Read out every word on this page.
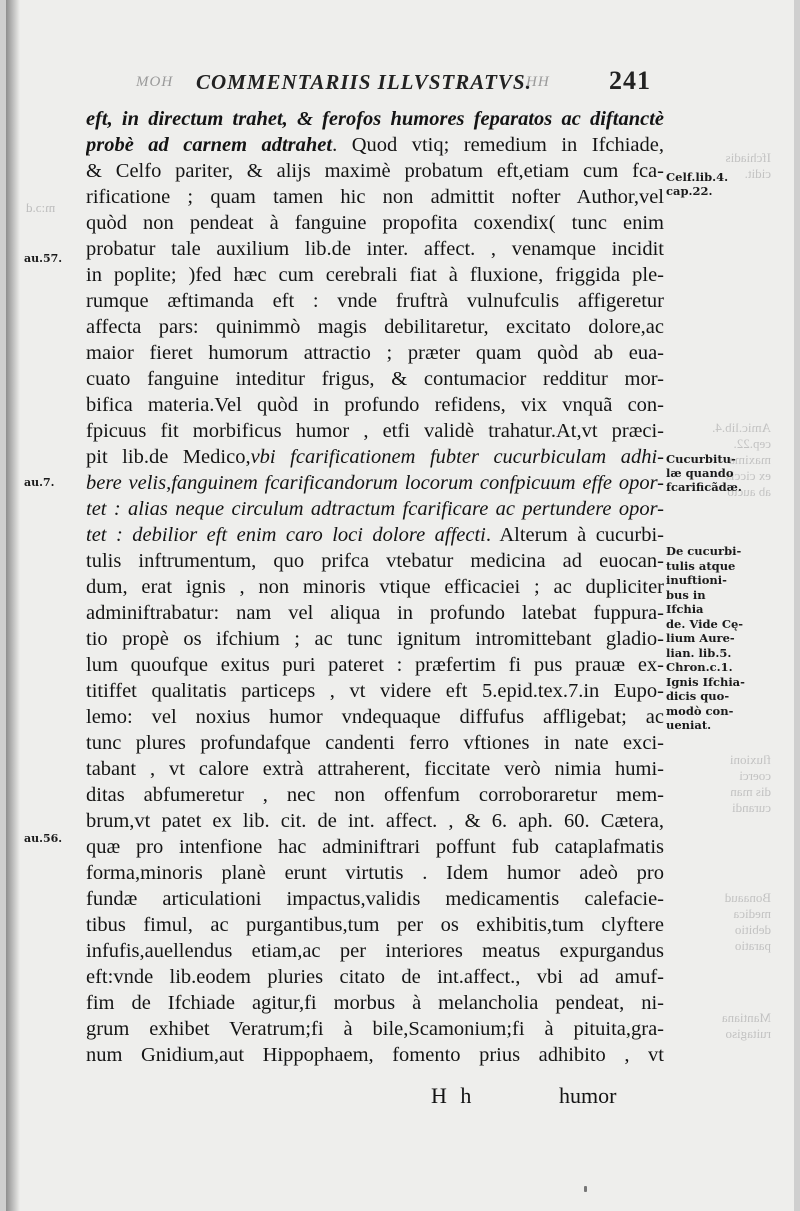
Ifchiadis
cidit.

Amic.lib.4.
cep.22.
maxima
ex ciccis
ab aucto
fluxioni
coerci
dis man
curandi
Bonaaud
medica
debitio
paratio
Mantiana
ruitagiso
m:ɔ.d
MOH COMMENTARIIS ILLVSTRATVS.
HH 241
eft, in directum trahet, & ferofos humores feparatos ac diftanctè
probè ad carnem adtrahet. Quod vtiq; remedium in Ifchiade,
& Celfo pariter, & alijs maximè probatum eft,etiam cum fca-
rificatione ; quam tamen hic non admittit nofter Author,vel
quòd non pendeat à fanguine propofita coxendix( tunc enim
probatur tale auxilium lib.de inter. affect. , venamque incidit
in poplite; )fed hæc cum cerebrali fiat à fluxione, friggida ple-
rumque æftimanda eft : vnde fruftrà vulnufculis affigeretur
affecta pars: quinimmò magis debilitaretur, excitato dolore,ac
maior fieret humorum attractio ; præter quam quòd ab eua-
cuato fanguine inteditur frigus, & contumacior redditur mor-
bifica materia.Vel quòd in profundo refidens, vix vnquã con-
fpicuus fit morbificus humor , etfi validè trahatur.At,vt præci-
pit lib.de Medico,vbi fcarificationem fubter cucurbiculam adhi-
bere velis,fanguinem fcarificandorum locorum confpicuum effe opor-
tet : alias neque circulum adtractum fcarificare ac pertundere opor-
tet : debilior eft enim caro loci dolore affecti. Alterum à cucurbi-
tulis inftrumentum, quo prifca vtebatur medicina ad euocan-
dum, erat ignis , non minoris vtique efficaciei ; ac dupliciter
adminiftrabatur: nam vel aliqua in profundo latebat fuppura-
tio propè os ifchium ; ac tunc ignitum intromittebant gladio-
lum quoufque exitus puri pateret : præfertim fi pus prauæ ex-
titiffet qualitatis particeps , vt videre eft 5.epid.tex.7.in Eupo-
lemo: vel noxius humor vndequaque diffufus affligebat; ac
tunc plures profundafque candenti ferro vftiones in nate exci-
tabant , vt calore extrà attraherent, ficcitate verò nimia humi-
ditas abfumeretur , nec non offenfum corroboraretur mem-
brum,vt patet ex lib. cit. de int. affect. , & 6. aph. 60. Cætera,
quæ pro intenfione hac adminiftrari poffunt fub cataplafmatis
forma,minoris planè erunt virtutis . Idem humor adeò pro
fundæ articulationi impactus,validis medicamentis calefacie-
tibus fimul, ac purgantibus,tum per os exhibitis,tum clyftere
infufis,auellendus etiam,ac per interiores meatus expurgandus
eft:vnde lib.eodem pluries citato de int.affect., vbi ad amuf-
fim de Ifchiade agitur,fi morbus à melancholia pendeat, ni-
grum exhibet Veratrum;fi à bile,Scamonium;fi à pituita,gra-
num Gnidium,aut Hippophaem, fomento prius adhibito , vt
Celf.lib.4.
cap.22.
Cucurbitu-
læ quando
fcarificãdæ.
De cucurbi-
tulis atque
inuftioni-
bus in Ifchia
de. Vide Cę-
lium Aure-
lian. lib.5.
Chron.c.1.
Ignis Ifchia-
dicis quo-
modò con-
ueniat.
au.57.
au.7.
au.56.
H h	humor
